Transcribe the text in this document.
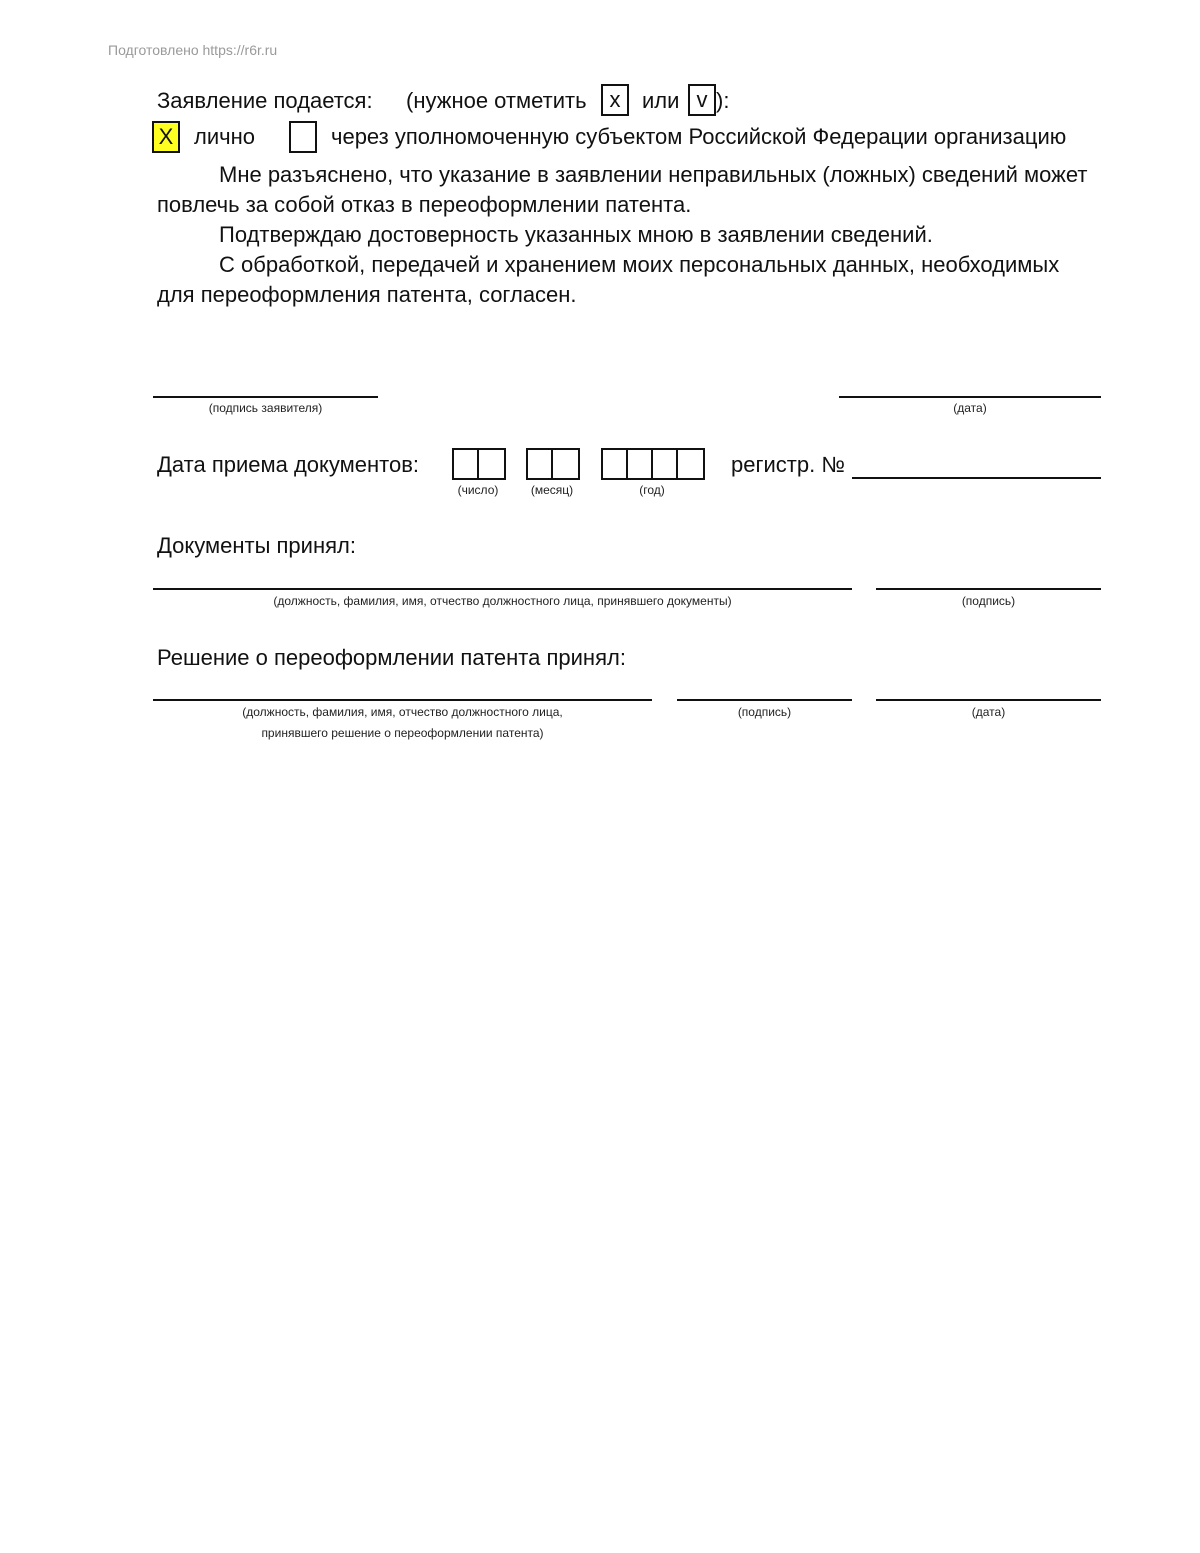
Подготовлено https://r6r.ru
Заявление подается: (нужное отметить	x или v ):
X лично	через уполномоченную субъектом Российской Федерации организацию
Мне разъяснено, что указание в заявлении неправильных (ложных) сведений может
повлечь за собой отказ в переоформлении патента.
Подтверждаю достоверность указанных мною в заявлении сведений.
С обработкой, передачей и хранением моих персональных данных, необходимых
для переоформления патента, согласен.
(подпись заявителя)	(дата)
Дата приема документов:
(число)	(месяц)	(год)
регистр. №
Документы принял:
(должность, фамилия, имя, отчество должностного лица, принявшего документы)	(подпись)
Решение о переоформлении патента принял:
(должность, фамилия, имя, отчество должностного лица,
принявшего решение о переоформлении патента)
(подпись)	(дата)
